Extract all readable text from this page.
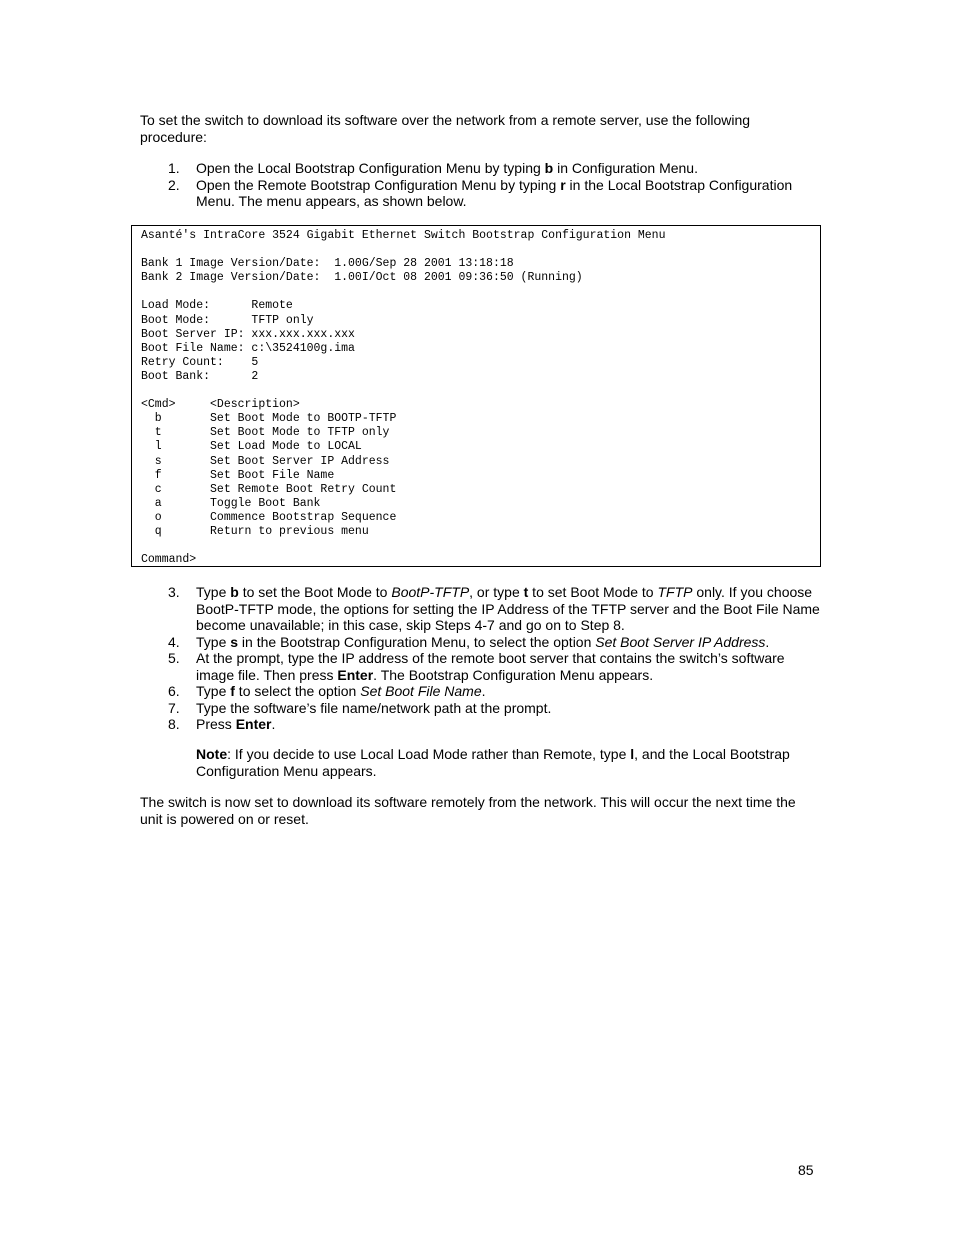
To set the switch to download its software over the network from a remote server, use the following procedure:

1.	Open the Local Bootstrap Configuration Menu by typing b in Configuration Menu.
2.	Open the Remote Bootstrap Configuration Menu by typing r in the Local Bootstrap Configuration Menu. The menu appears, as shown below.
Asanté's IntraCore 3524 Gigabit Ethernet Switch Bootstrap Configuration Menu

Bank 1 Image Version/Date:  1.00G/Sep 28 2001 13:18:18
Bank 2 Image Version/Date:  1.00I/Oct 08 2001 09:36:50 (Running)

Load Mode:      Remote
Boot Mode:      TFTP only
Boot Server IP: xxx.xxx.xxx.xxx
Boot File Name: c:\3524100g.ima
Retry Count:    5
Boot Bank:      2

<Cmd>     <Description>
b       Set Boot Mode to BOOTP-TFTP
t       Set Boot Mode to TFTP only
l       Set Load Mode to LOCAL
s       Set Boot Server IP Address
f       Set Boot File Name
c       Set Remote Boot Retry Count
a       Toggle Boot Bank
o       Commence Bootstrap Sequence
q       Return to previous menu

Command>
3.	Type b to set the Boot Mode to BootP-TFTP, or type t to set Boot Mode to TFTP only. If you choose BootP-TFTP mode, the options for setting the IP Address of the TFTP server and the Boot File Name become unavailable; in this case, skip Steps 4-7 and go on to Step 8.
4.	Type s in the Bootstrap Configuration Menu, to select the option Set Boot Server IP Address.
5.	At the prompt, type the IP address of the remote boot server that contains the switch’s software image file. Then press Enter. The Bootstrap Configuration Menu appears.
6.	Type f to select the option Set Boot File Name.
7.	Type the software’s file name/network path at the prompt.
8.	Press Enter.

Note: If you decide to use Local Load Mode rather than Remote, type l, and the Local Bootstrap Configuration Menu appears.

The switch is now set to download its software remotely from the network. This will occur the next time the unit is powered on or reset.

85
